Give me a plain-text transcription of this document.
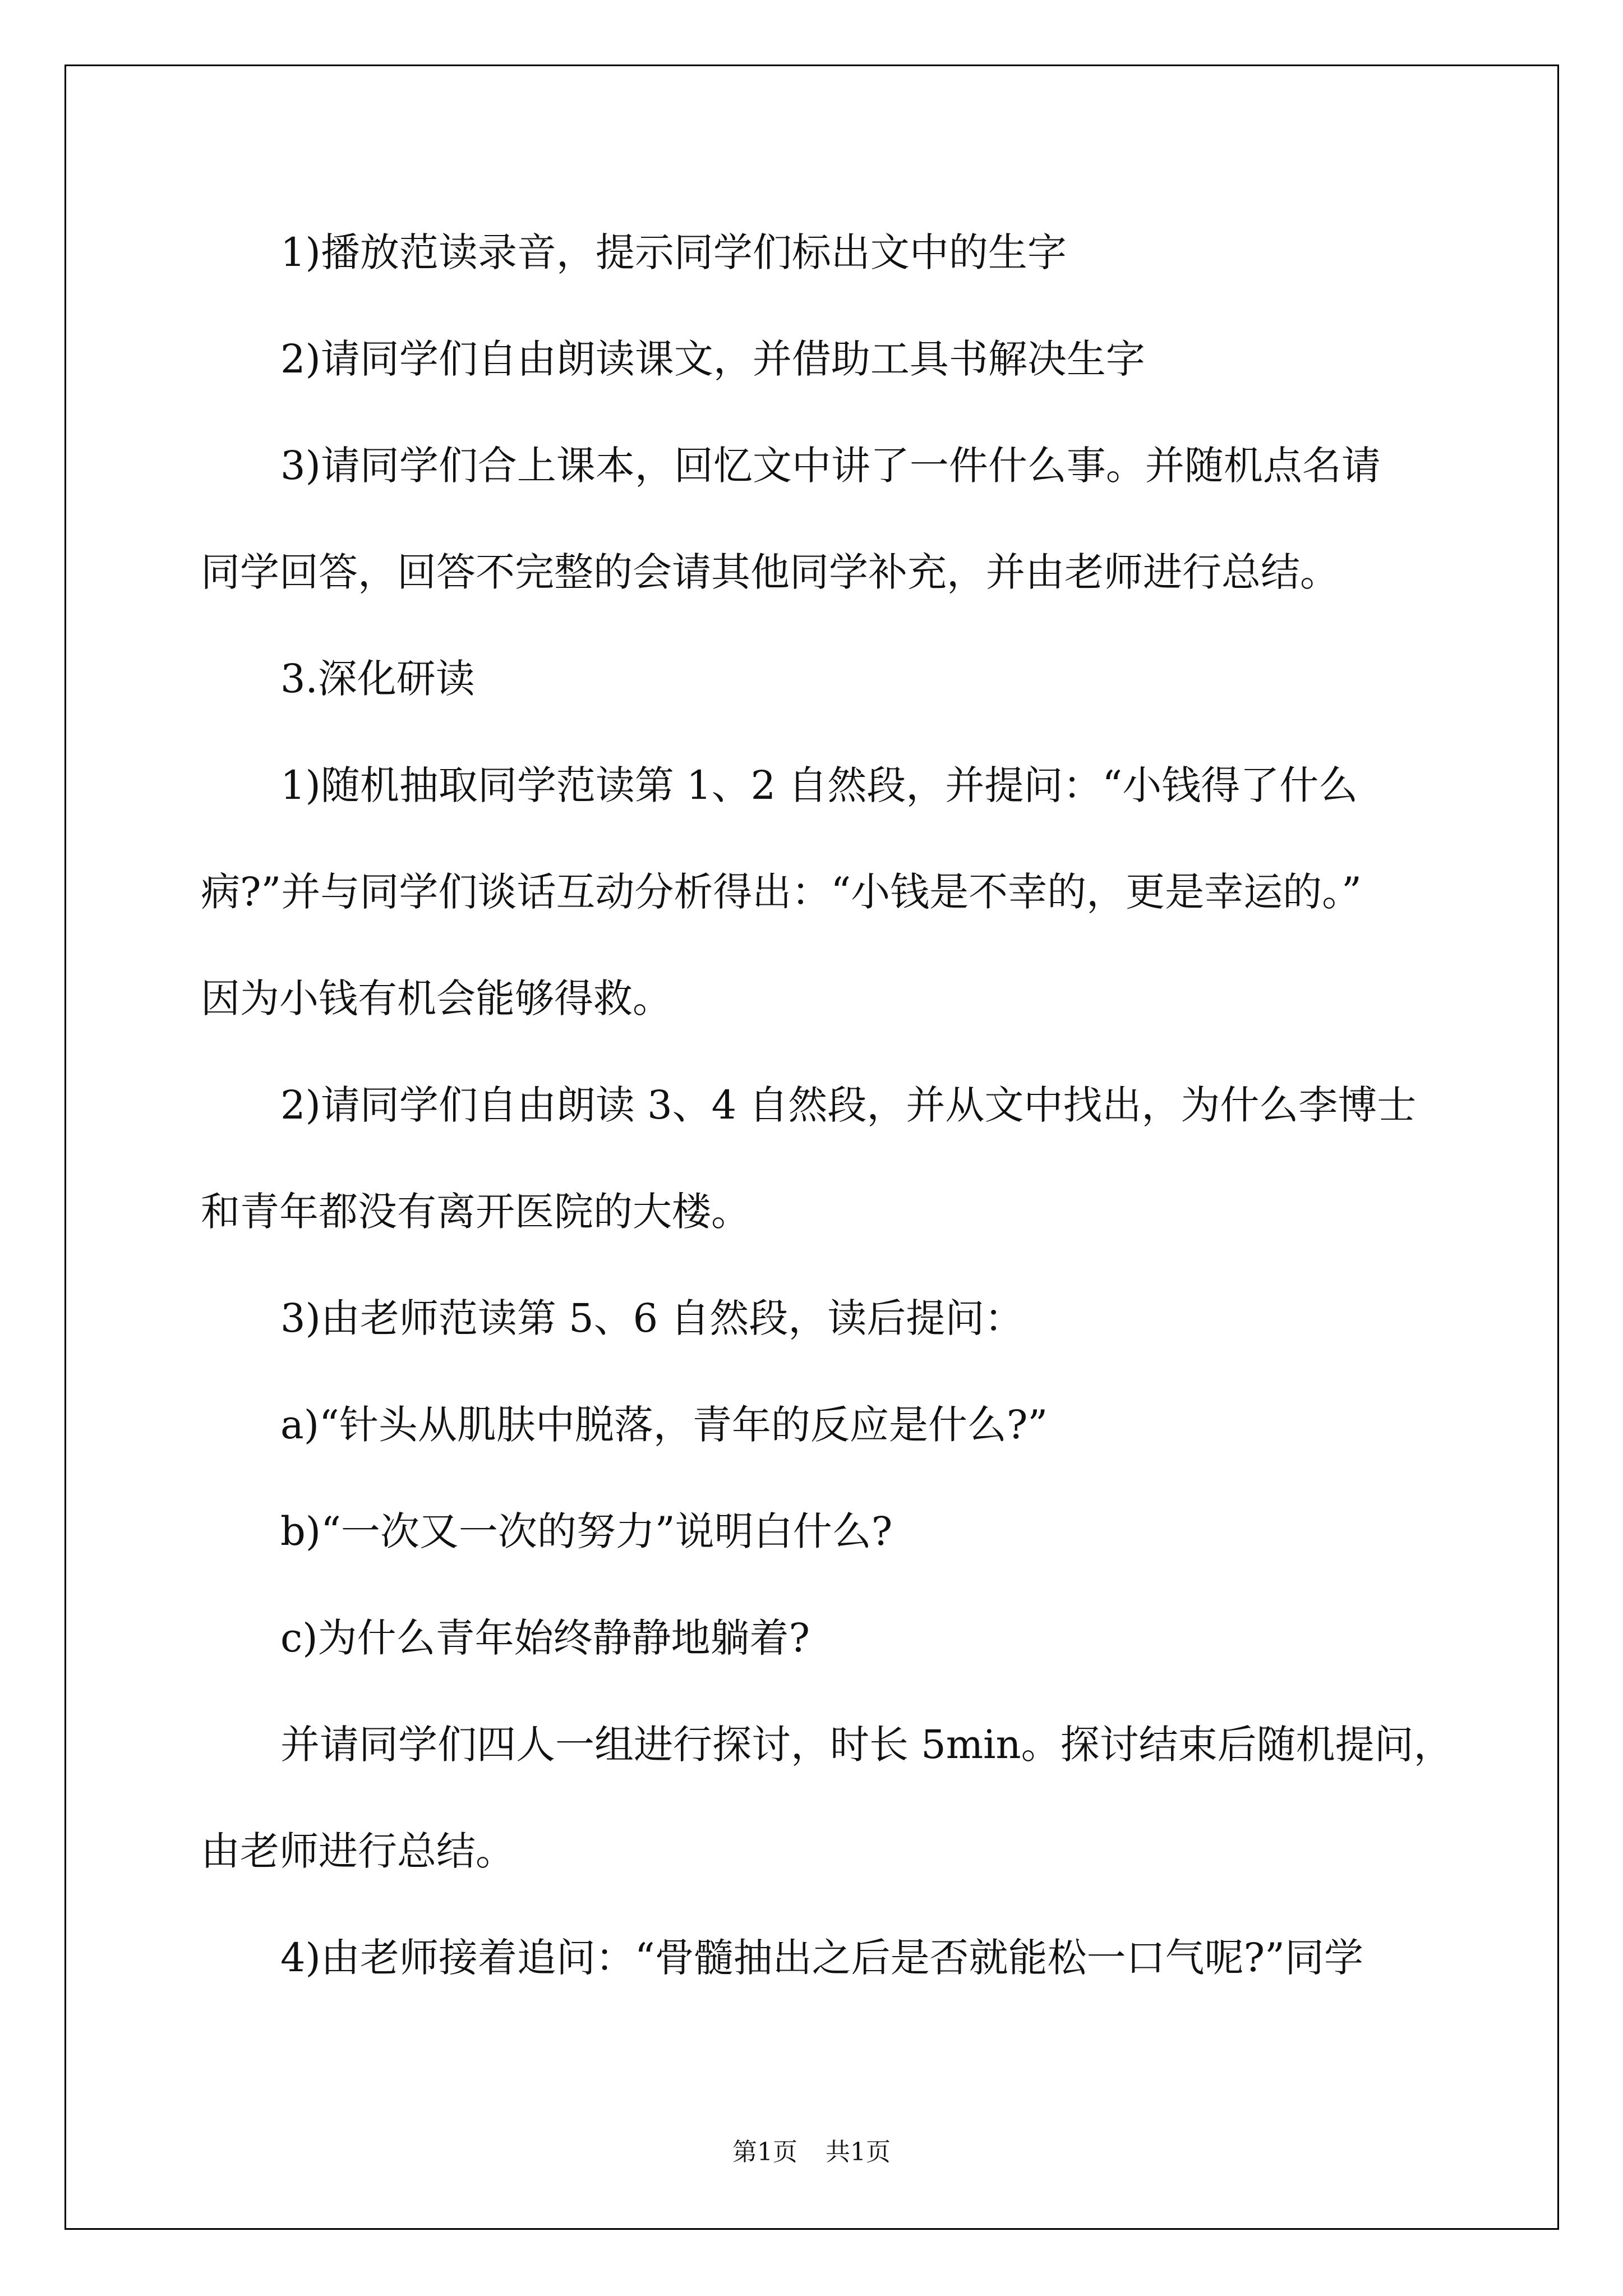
1)播放范读录音，提示同学们标出文中的生字

2)请同学们自由朗读课文，并借助工具书解决生字

3)请同学们合上课本，回忆文中讲了一件什么事。并随机点名请

同学回答，回答不完整的会请其他同学补充，并由老师进行总结。

3.深化研读

1)随机抽取同学范读第 1、2 自然段，并提问：“小钱得了什么

病?”并与同学们谈话互动分析得出：“小钱是不幸的，更是幸运的。”

因为小钱有机会能够得救。

2)请同学们自由朗读 3、4 自然段，并从文中找出，为什么李博士

和青年都没有离开医院的大楼。

3)由老师范读第 5、6 自然段，读后提问：

a)“针头从肌肤中脱落，青年的反应是什么?”

b)“一次又一次的努力”说明白什么?

c)为什么青年始终静静地躺着?

并请同学们四人一组进行探讨，时长 5min。探讨结束后随机提问，

由老师进行总结。

4)由老师接着追问：“骨髓抽出之后是否就能松一口气呢?”同学

第1页 共1页
